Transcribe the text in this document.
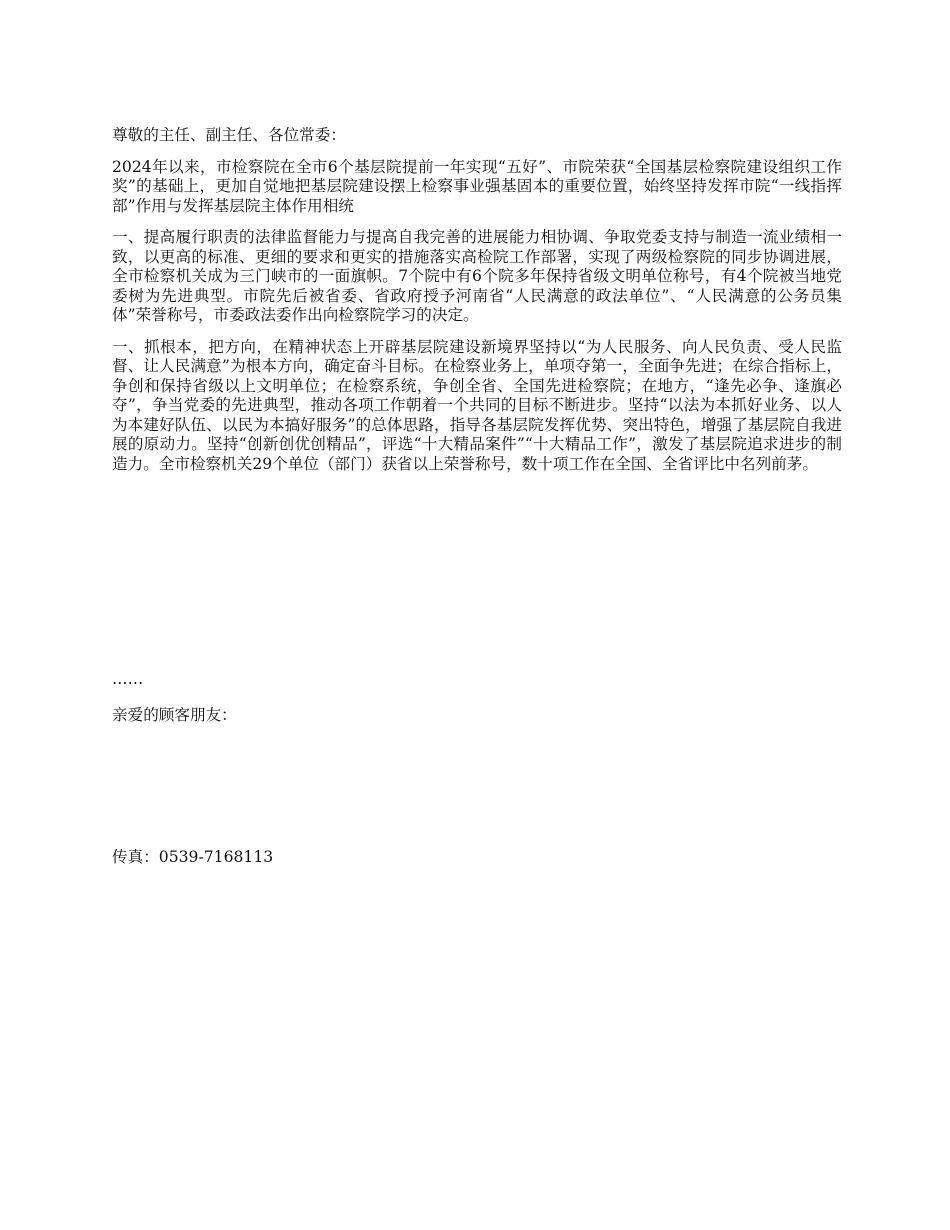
尊敬的主任、副主任、各位常委：

2024年以来，市检察院在全市6个基层院提前一年实现“五好”、市院荣获“全国基层检察院建设组织工作奖”的基础上，更加自觉地把基层院建设摆上检察事业强基固本的重要位置，始终坚持发挥市院“一线指挥部”作用与发挥基层院主体作用相统

一、提高履行职责的法律监督能力与提高自我完善的进展能力相协调、争取党委支持与制造一流业绩相一致，以更高的标准、更细的要求和更实的措施落实高检院工作部署，实现了两级检察院的同步协调进展，全市检察机关成为三门峡市的一面旗帜。7个院中有6个院多年保持省级文明单位称号，有4个院被当地党委树为先进典型。市院先后被省委、省政府授予河南省“人民满意的政法单位”、“人民满意的公务员集体”荣誉称号，市委政法委作出向检察院学习的决定。

一、抓根本，把方向，在精神状态上开辟基层院建设新境界坚持以“为人民服务、向人民负责、受人民监督、让人民满意”为根本方向，确定奋斗目标。在检察业务上，单项夺第一，全面争先进；在综合指标上，争创和保持省级以上文明单位；在检察系统，争创全省、全国先进检察院；在地方，“逢先必争、逢旗必夺”，争当党委的先进典型，推动各项工作朝着一个共同的目标不断进步。坚持“以法为本抓好业务、以人为本建好队伍、以民为本搞好服务”的总体思路，指导各基层院发挥优势、突出特色，增强了基层院自我进展的原动力。坚持“创新创优创精品”，评选“十大精品案件”“十大精品工作”，激发了基层院追求进步的制造力。全市检察机关29个单位（部门）获省以上荣誉称号，数十项工作在全国、全省评比中名列前茅。

……
亲爱的顾客朋友：
传真：0539-7168113
